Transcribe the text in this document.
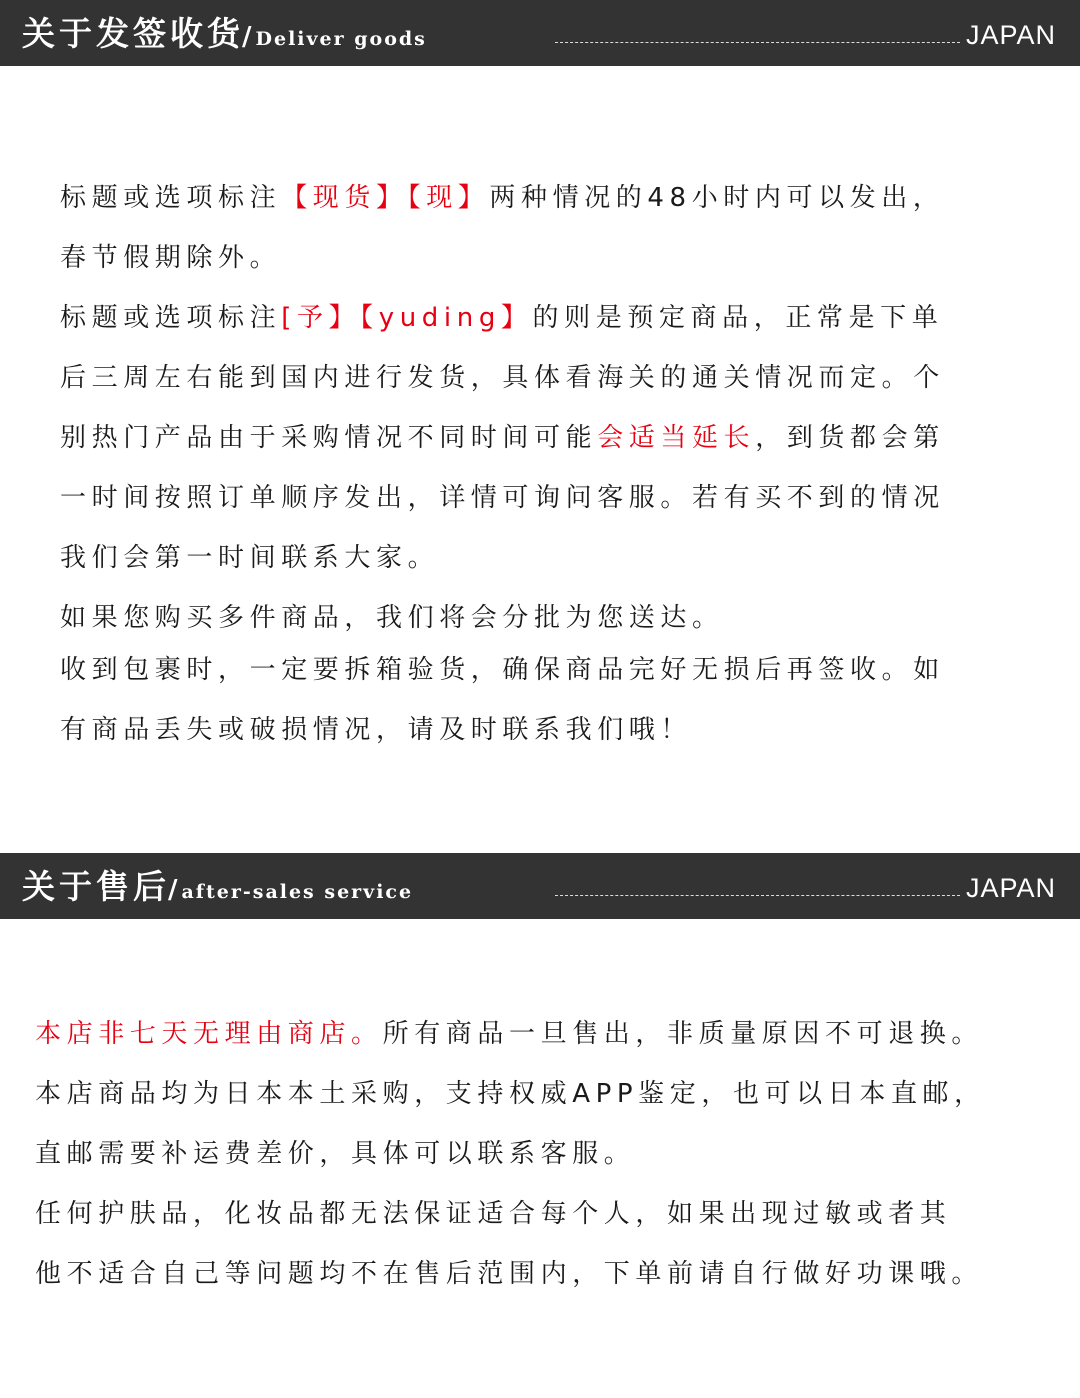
关于发签收货/ Deliver goods	JAPAN

标题或选项标注【现货】【现】两种情况的48小时内可以发出，

春节假期除外。

标题或选项标注[予】【yuding】的则是预定商品，正常是下单

后三周左右能到国内进行发货，具体看海关的通关情况而定。个

别热门产品由于采购情况不同时间可能会适当延长，到货都会第

一时间按照订单顺序发出，详情可询问客服。若有买不到的情况

我们会第一时间联系大家。

如果您购买多件商品，我们将会分批为您送达。

收到包裹时，一定要拆箱验货，确保商品完好无损后再签收。如

有商品丢失或破损情况，请及时联系我们哦！

关于售后/ after-sales service	JAPAN

本店非七天无理由商店。所有商品一旦售出，非质量原因不可退换。

本店商品均为日本本土采购，支持权威APP鉴定，也可以日本直邮，

直邮需要补运费差价，具体可以联系客服。

任何护肤品，化妆品都无法保证适合每个人，如果出现过敏或者其

他不适合自己等问题均不在售后范围内，下单前请自行做好功课哦。
